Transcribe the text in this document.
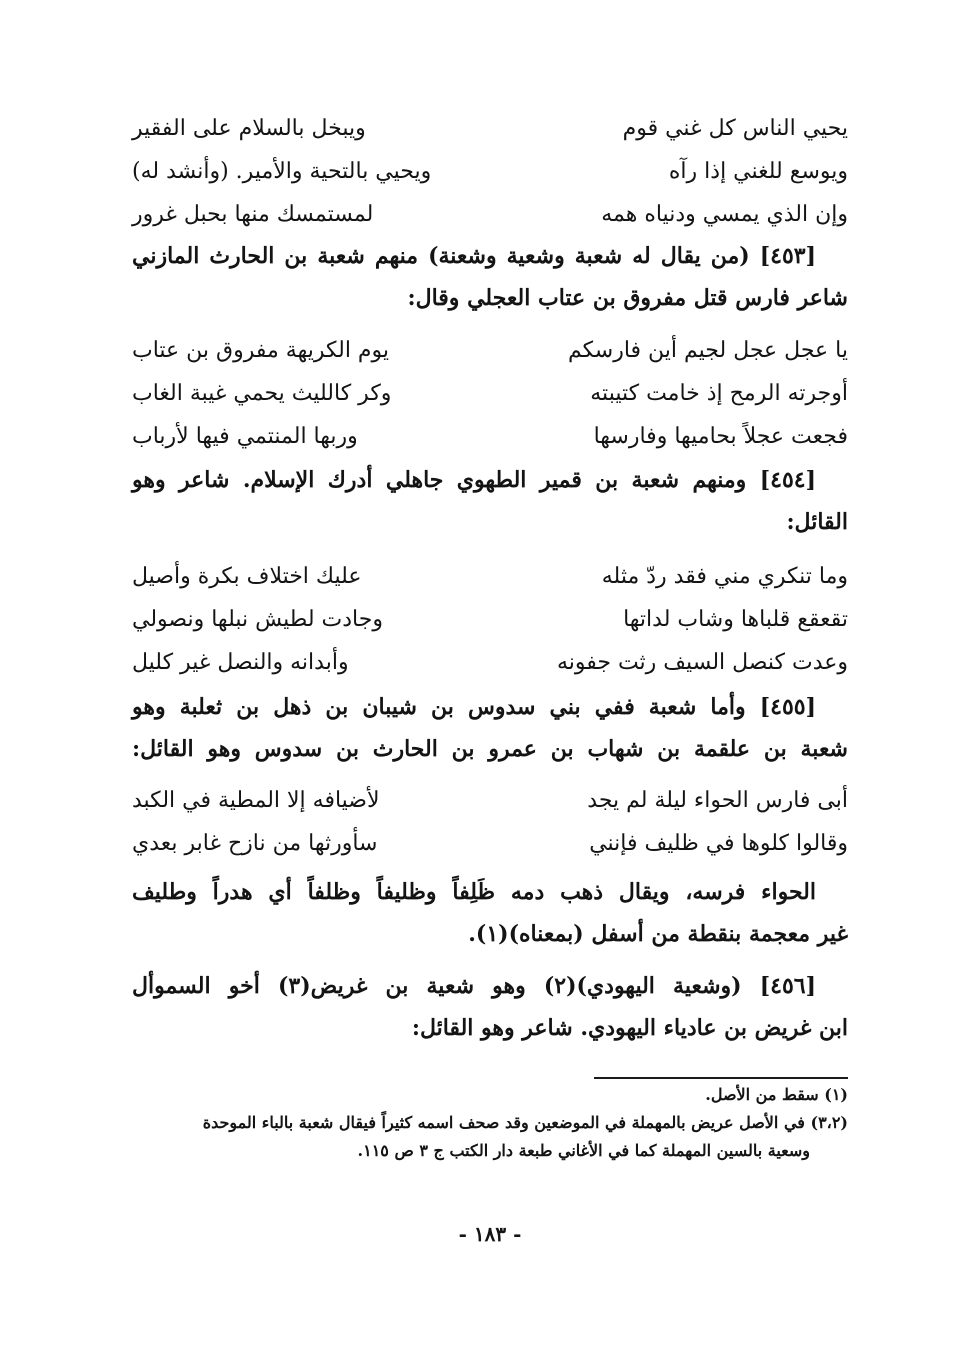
يحيي الناس كل غني قوم
ويبخل بالسلام على الفقير
ويوسع للغني إذا رآه
ويحيي بالتحية والأمير. (وأنشد له)
وإن الذي يمسي ودنياه همه
لمستمسك منها بحبل غرور
[٤٥٣] (من يقال له شعبة وشعية وشعنة) منهم شعبة بن الحارث المازني
شاعر فارس قتل مفروق بن عتاب العجلي وقال:
يا عجل عجل لجيم أين فارسكم
يوم الكريهة مفروق بن عتاب
أوجرته الرمح إذ خامت كتيبته
وكر كالليث يحمي غيبة الغاب
فجعت عجلاً بحاميها وفارسها
وربها المنتمي فيها لأرباب
[٤٥٤] ومنهم شعبة بن قمير الطهوي جاهلي أدرك الإسلام. شاعر وهو
القائل:
وما تنكري مني فقد ردّ مثله
عليك اختلاف بكرة وأصيل
تقعقع قلباها وشاب لداتها
وجادت لطيش نبلها ونصولي
وعدت كنصل السيف رثت جفونه
وأبدانه والنصل غير كليل
[٤٥٥] وأما شعبة ففي بني سدوس بن شيبان بن ذهل بن ثعلبة وهو
شعبة بن علقمة بن شهاب بن عمرو بن الحارث بن سدوس وهو القائل:
أبى فارس الحواء ليلة لم يجد
لأضيافه إلا المطية في الكبد
وقالوا كلوها في ظليف فإنني
سأورثها من نازح غابر بعدي
الحواء فرسه، ويقال ذهب دمه ظَلِفاً وظليفاً وظلفاً أي هدراً وطليف
غير معجمة بنقطة من أسفل (بمعناه)(١).
[٤٥٦] (وشعية اليهودي)(٢) وهو شعية بن غريض(٣) أخو السموأل
ابن غريض بن عادياء اليهودي. شاعر وهو القائل:
(١) سقط من الأصل.
(٣،٢) في الأصل عريض بالمهملة في الموضعين وقد صحف اسمه كثيراً فيقال شعبة بالباء الموحدة
وسعية بالسين المهملة كما في الأغاني طبعة دار الكتب ج ٣ ص ١١٥.
- ١٨٣ -
